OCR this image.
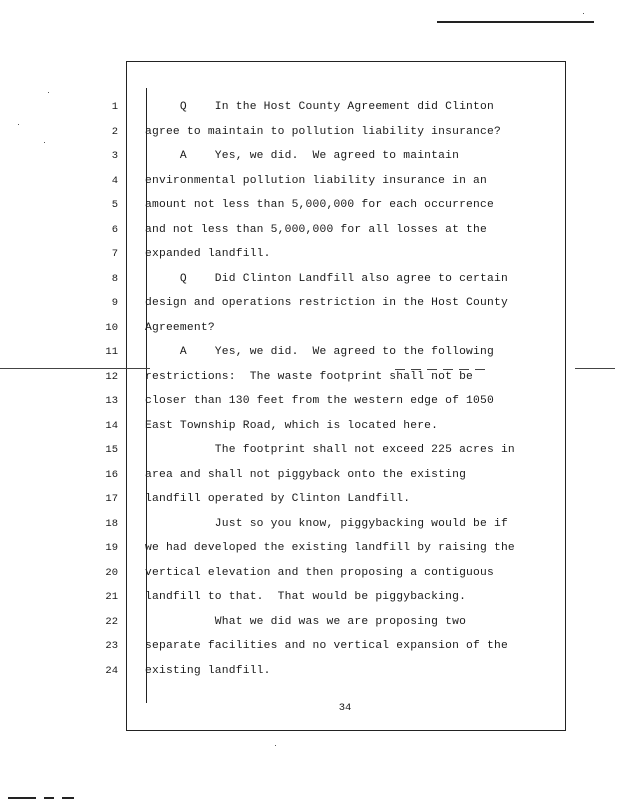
1 Q    In the Host County Agreement did Clinton
2 agree to maintain to pollution liability insurance?
3 A    Yes, we did.  We agreed to maintain
4 environmental pollution liability insurance in an
5 amount not less than 5,000,000 for each occurrence
6 and not less than 5,000,000 for all losses at the
7 expanded landfill.
8 Q    Did Clinton Landfill also agree to certain
9 design and operations restriction in the Host County
10 Agreement?
11 A    Yes, we did.  We agreed to the following
12 restrictions:  The waste footprint shall not be
13 closer than 130 feet from the western edge of 1050
14 East Township Road, which is located here.
15 The footprint shall not exceed 225 acres in
16 area and shall not piggyback onto the existing
17 landfill operated by Clinton Landfill.
18 Just so you know, piggybacking would be if
19 we had developed the existing landfill by raising the
20 vertical elevation and then proposing a contiguous
21 landfill to that.  That would be piggybacking.
22 What we did was we are proposing two
23 separate facilities and no vertical expansion of the
24 existing landfill.
34
